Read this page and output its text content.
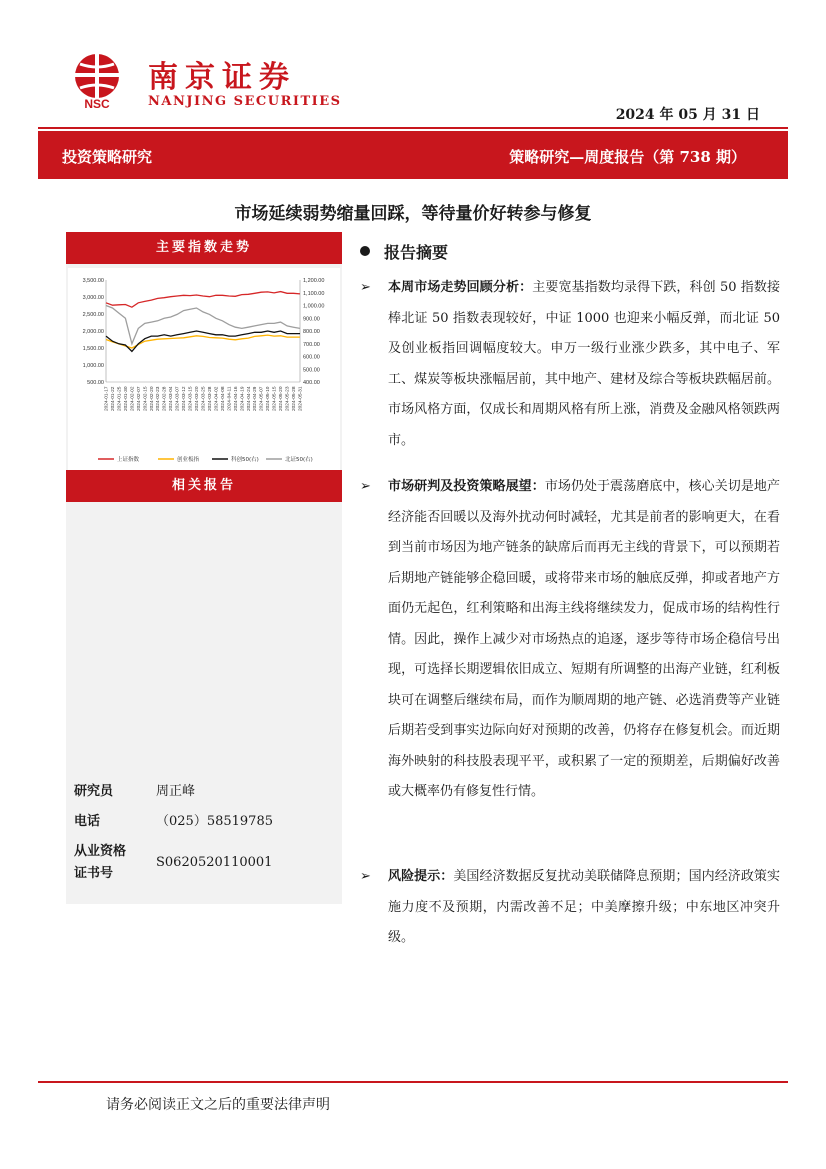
NSC
南京证券
NANJING SECURITIES
2024 年 05 月 31 日
投资策略研究	策略研究—周度报告（第 738 期）
市场延续弱势缩量回踩，等待量价好转参与修复
主要指数走势
3,500.00
3,000.00
2,500.00
2,000.00
1,500.00
1,000.00
500.00
1,200.00
1,100.00
1,000.00
900.00
800.00
700.00
600.00
500.00
400.00
2024-01-17 2024-01-22 2024-01-25 2024-01-30 2024-02-02 2024-02-07 2024-02-15 2024-02-20 2024-02-23 2024-02-28 2024-03-04 2024-03-07 2024-03-12 2024-03-15 2024-03-20 2024-03-25 2024-03-28 2024-04-02 2024-04-08 2024-04-11 2024-04-16 2024-04-19 2024-04-24 2024-04-29 2024-05-07 2024-05-10 2024-05-15 2024-05-20 2024-05-23 2024-05-28 2024-05-31
上证指数	创业板指	科创50(右)	北证50(右)
相关报告
研究员	周正峰
电话	（025）58519785
从业资格
证书号
S0620520110001
报告摘要
➢ 本周市场走势回顾分析：主要宽基指数均录得下跌，科创 50 指数接棒北证 50 指数表现较好，中证 1000 也迎来小幅反弹，而北证 50 及创业板指回调幅度较大。申万一级行业涨少跌多，其中电子、军工、煤炭等板块涨幅居前，其中地产、建材及综合等板块跌幅居前。市场风格方面，仅成长和周期风格有所上涨，消费及金融风格领跌两市。
➢ 市场研判及投资策略展望：市场仍处于震荡磨底中，核心关切是地产经济能否回暖以及海外扰动何时减轻，尤其是前者的影响更大，在看到当前市场因为地产链条的缺席后而再无主线的背景下，可以预期若后期地产链能够企稳回暖，或将带来市场的触底反弹，抑或者地产方面仍无起色，红利策略和出海主线将继续发力，促成市场的结构性行情。因此，操作上减少对市场热点的追逐，逐步等待市场企稳信号出现，可选择长期逻辑依旧成立、短期有所调整的出海产业链，红利板块可在调整后继续布局，而作为顺周期的地产链、必选消费等产业链后期若受到事实边际向好对预期的改善，仍将存在修复机会。而近期海外映射的科技股表现平平，或积累了一定的预期差，后期偏好改善或大概率仍有修复性行情。
➢ 风险提示：美国经济数据反复扰动美联储降息预期；国内经济政策实施力度不及预期，内需改善不足；中美摩擦升级；中东地区冲突升级。
请务必阅读正文之后的重要法律声明
